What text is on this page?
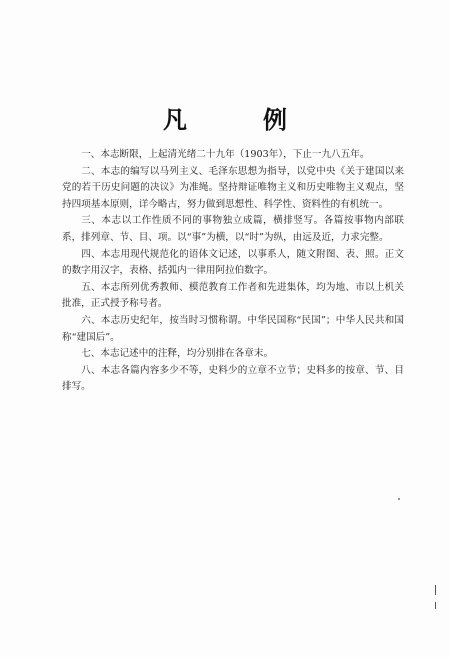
凡　例

一、本志断限，上起清光绪二十九年（1903年），下止一九八五年。

二、本志的编写以马列主义、毛泽东思想为指导，以党中央《关于建国以来党的若干历史问题的决议》为准绳。坚持辩证唯物主义和历史唯物主义观点，坚持四项基本原则，详今略古，努力做到思想性、科学性、资料性的有机统一。

三、本志以工作性质不同的事物独立成篇，横排竖写。各篇按事物内部联系，排列章、节、目、项。以“事”为横，以“时”为纵，由远及近，力求完整。

四、本志用现代规范化的语体文记述，以事系人，随文附图、表、照。正文的数字用汉字，表格、括弧内一律用阿拉伯数字。

五、本志所列优秀教师、模范教育工作者和先进集体，均为地、市以上机关批准，正式授予称号者。

六、本志历史纪年，按当时习惯称谓。中华民国称“民国”；中华人民共和国称“建国后”。

七、本志记述中的注释，均分别排在各章末。

八、本志各篇内容多少不等，史料少的立章不立节；史料多的按章、节、目排写。
